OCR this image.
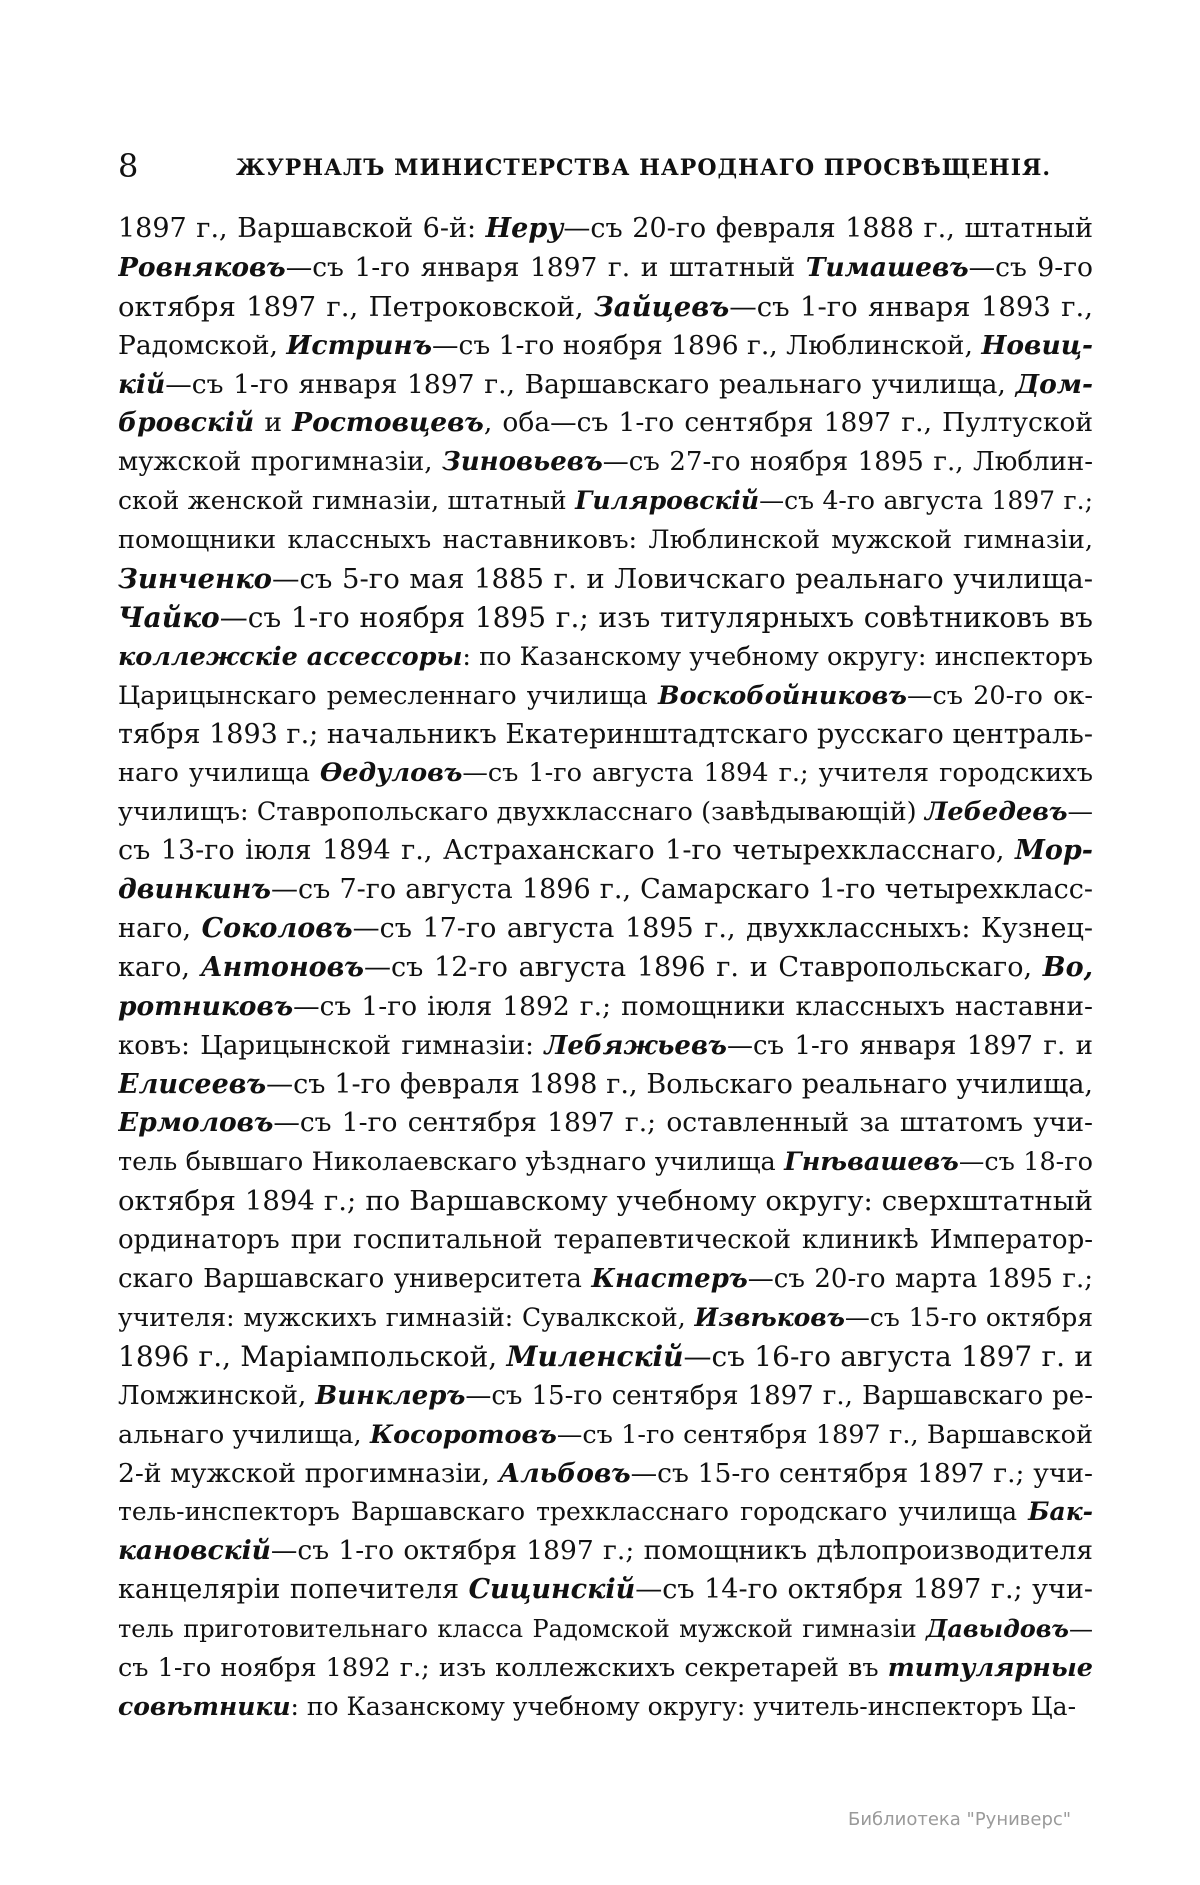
8	ЖУРНАЛЪ МИНИСТЕРСТВА НАРОДНАГО ПРОСВѢЩЕНІЯ.
1897 г., Варшавской 6-й: Неру—съ 20-го февраля 1888 г., штатный
Ровняковъ—съ 1-го января 1897 г. и штатный Тимашевъ—съ 9-го
октября 1897 г., Петроковской, Зайцевъ—съ 1-го января 1893 г.,
Радомской, Истринъ—съ 1-го ноября 1896 г., Люблинской, Новиц-
кій—съ 1-го января 1897 г., Варшавскаго реальнаго училища, Дом-
бровскій и Ростовцевъ, оба—съ 1-го сентября 1897 г., Пултуской
мужской прогимназіи, Зиновьевъ—съ 27-го ноября 1895 г., Люблин-
ской женской гимназіи, штатный Гиляровскій—съ 4-го августа 1897 г.;
помощники классныхъ наставниковъ: Люблинской мужской гимназіи,
Зинченко—съ 5-го мая 1885 г. и Ловичскаго реальнаго училища-
Чайко—съ 1-го ноября 1895 г.; изъ титулярныхъ совѣтниковъ въ
коллежскіе ассессоры: по Казанскому учебному округу: инспекторъ
Царицынскаго ремесленнаго училища Воскобойниковъ—съ 20-го ок-
тября 1893 г.; начальникъ Екатеринштадтскаго русскаго централь-
наго училища Ѳедуловъ—съ 1-го августа 1894 г.; учителя городскихъ
училищъ: Ставропольскаго двухкласснаго (завѣдывающій) Лебедевъ—
съ 13-го іюля 1894 г., Астраханскаго 1-го четырехкласснаго, Мор-
двинкинъ—съ 7-го августа 1896 г., Самарскаго 1-го четырехкласс-
наго, Соколовъ—съ 17-го августа 1895 г., двухклассныхъ: Кузнец-
каго, Антоновъ—съ 12-го августа 1896 г. и Ставропольскаго, Во,
ротниковъ—съ 1-го іюля 1892 г.; помощники классныхъ наставни-
ковъ: Царицынской гимназіи: Лебяжьевъ—съ 1-го января 1897 г. и
Елисеевъ—съ 1-го февраля 1898 г., Вольскаго реальнаго училища,
Ермоловъ—съ 1-го сентября 1897 г.; оставленный за штатомъ учи-
тель бывшаго Николаевскаго уѣзднаго училища Гнѣвашевъ—съ 18-го
октября 1894 г.; по Варшавскому учебному округу: сверхштатный
ординаторъ при госпитальной терапевтической клиникѣ Император-
скаго Варшавскаго университета Кнастеръ—съ 20-го марта 1895 г.;
учителя: мужскихъ гимназій: Сувалкской, Извѣковъ—съ 15-го октября
1896 г., Маріампольской, Миленскій—съ 16-го августа 1897 г. и
Ломжинской, Винклеръ—съ 15-го сентября 1897 г., Варшавскаго ре-
альнаго училища, Косоротовъ—съ 1-го сентября 1897 г., Варшавской
2-й мужской прогимназіи, Альбовъ—съ 15-го сентября 1897 г.; учи-
тель-инспекторъ Варшавскаго трехкласснаго городскаго училища Бак-
кановскій—съ 1-го октября 1897 г.; помощникъ дѣлопроизводителя
канцеляріи попечителя Сицинскій—съ 14-го октября 1897 г.; учи-
тель приготовительнаго класса Радомской мужской гимназіи Давыдовъ—
съ 1-го ноября 1892 г.; изъ коллежскихъ секретарей въ титулярные
совѣтники: по Казанскому учебному округу: учитель-инспекторъ Ца-
Библиотека "Руниверс"
